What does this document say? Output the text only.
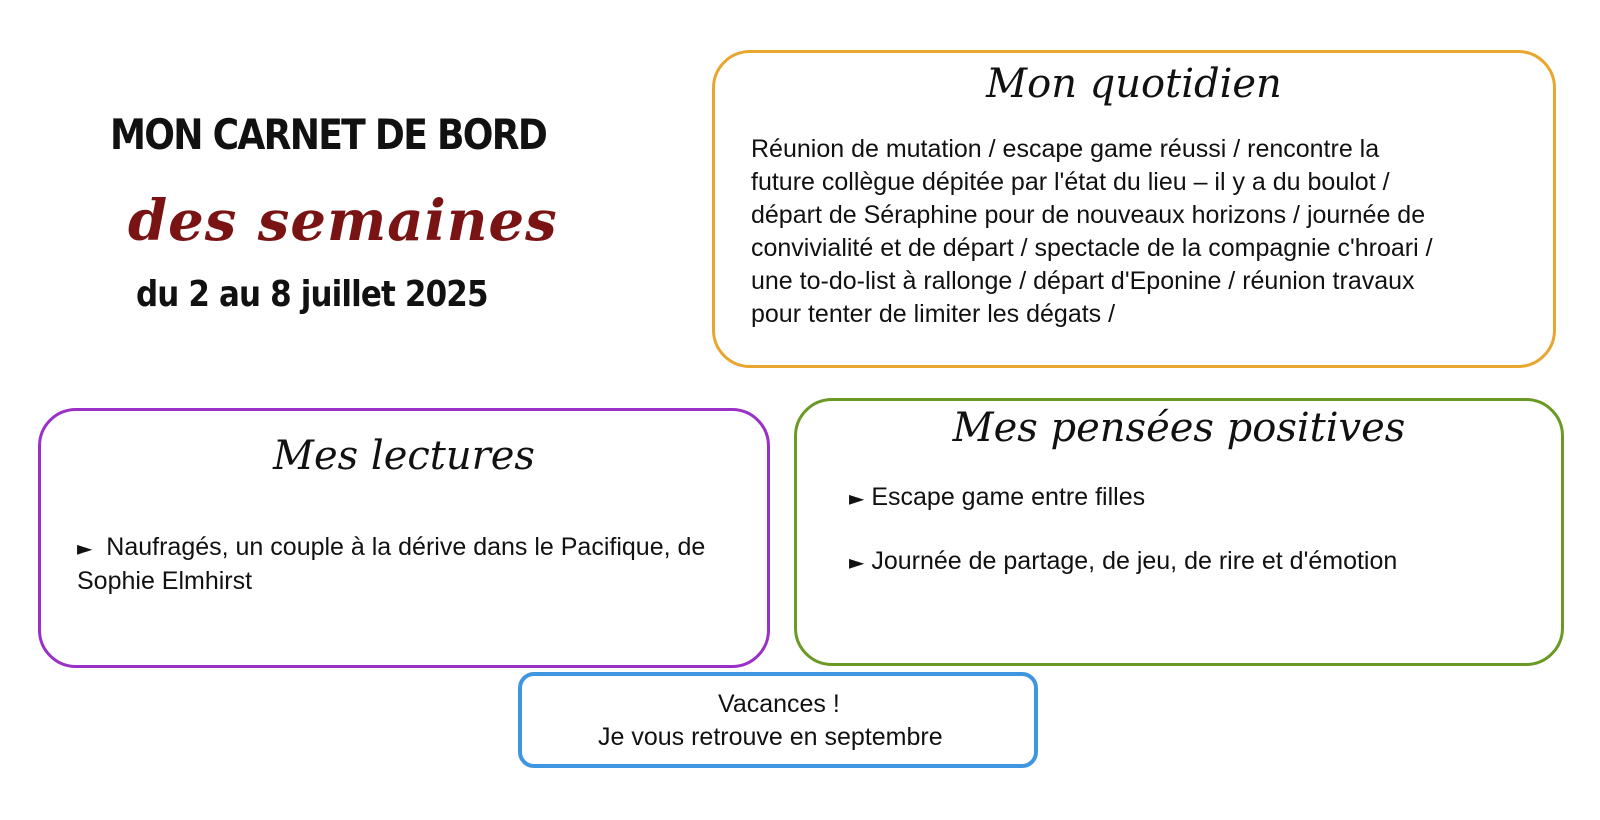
MON CARNET DE BORD
des semaines
du 2 au 8 juillet 2025
Mon quotidien
Réunion de mutation / escape game réussi / rencontre la
future collègue dépitée par l'état du lieu – il y a du boulot /
départ de Séraphine pour de nouveaux horizons / journée de
convivialité et de départ / spectacle de la compagnie c'hroari /
une to-do-list à rallonge / départ d'Eponine / réunion travaux
pour tenter de limiter les dégats /
Mes lectures
► Naufragés, un couple à la dérive dans le Pacifique, de Sophie Elmhirst
Mes pensées positives
► Escape game entre filles
► Journée de partage, de jeu, de rire et d'émotion
Vacances !
Je vous retrouve en septembre
